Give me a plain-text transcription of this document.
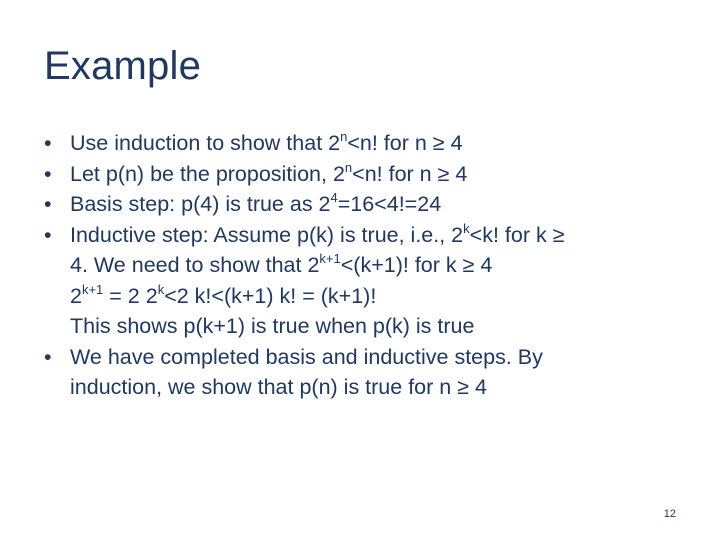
Example
• Use induction to show that $2^n<n$! for n ≥ 4
• Let p(n) be the proposition, $2^n<n$! for n ≥ 4
• Basis step: p(4) is true as $2^4=16<4!=24$
• Inductive step: Assume p(k) is true, i.e., $2^k<k$! for k ≥
4. We need to show that $2^{k+1}<(k+1)$! for k ≥ 4
$2^{k+1} = 2$ $2^k<2$ k!<(k+1) k! = (k+1)!
This shows p(k+1) is true when p(k) is true
• We have completed basis and inductive steps. By
induction, we show that p(n) is true for n ≥ 4
12
